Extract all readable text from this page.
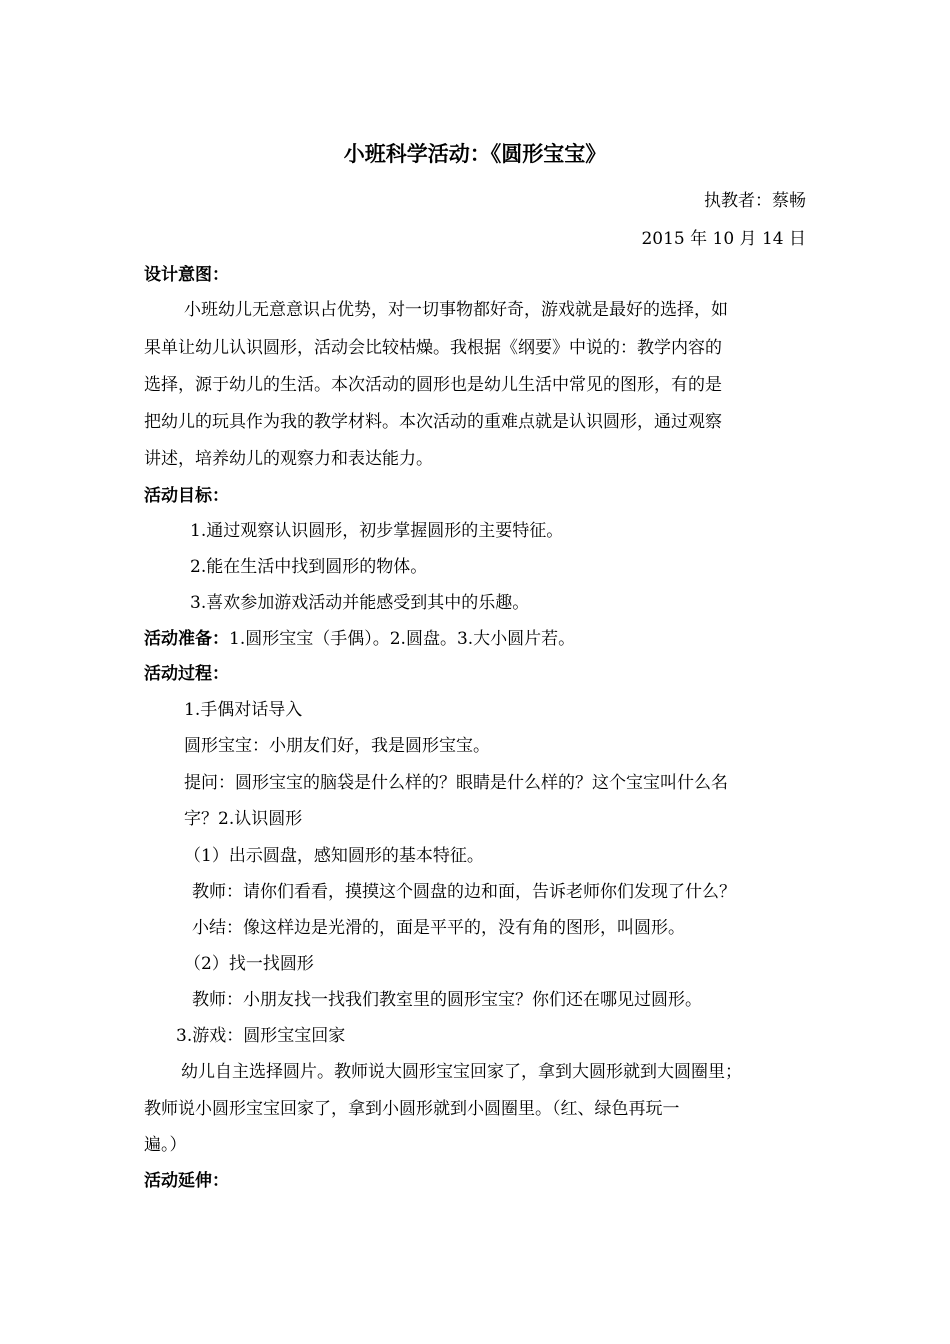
小班科学活动：《圆形宝宝》
执教者：蔡畅
2015 年 10 月 14 日
设计意图：
小班幼儿无意意识占优势，对一切事物都好奇，游戏就是最好的选择，如
果单让幼儿认识圆形，活动会比较枯燥。我根据《纲要》中说的：教学内容的
选择，源于幼儿的生活。本次活动的圆形也是幼儿生活中常见的图形，有的是
把幼儿的玩具作为我的教学材料。本次活动的重难点就是认识圆形，通过观察
讲述，培养幼儿的观察力和表达能力。
活动目标：
1.通过观察认识圆形，初步掌握圆形的主要特征。
2.能在生活中找到圆形的物体。
3.喜欢参加游戏活动并能感受到其中的乐趣。
活动准备：1.圆形宝宝（手偶）。2.圆盘。3.大小圆片若。
活动过程：
1.手偶对话导入
圆形宝宝：小朋友们好，我是圆形宝宝。
提问：圆形宝宝的脑袋是什么样的？眼睛是什么样的？这个宝宝叫什么名
字？2.认识圆形
（1）出示圆盘，感知圆形的基本特征。
教师：请你们看看，摸摸这个圆盘的边和面，告诉老师你们发现了什么？
小结：像这样边是光滑的，面是平平的，没有角的图形，叫圆形。
（2）找一找圆形
教师：小朋友找一找我们教室里的圆形宝宝？你们还在哪见过圆形。
3.游戏：圆形宝宝回家
幼儿自主选择圆片。教师说大圆形宝宝回家了，拿到大圆形就到大圆圈里；
教师说小圆形宝宝回家了，拿到小圆形就到小圆圈里。（红、绿色再玩一
遍。）
活动延伸：
